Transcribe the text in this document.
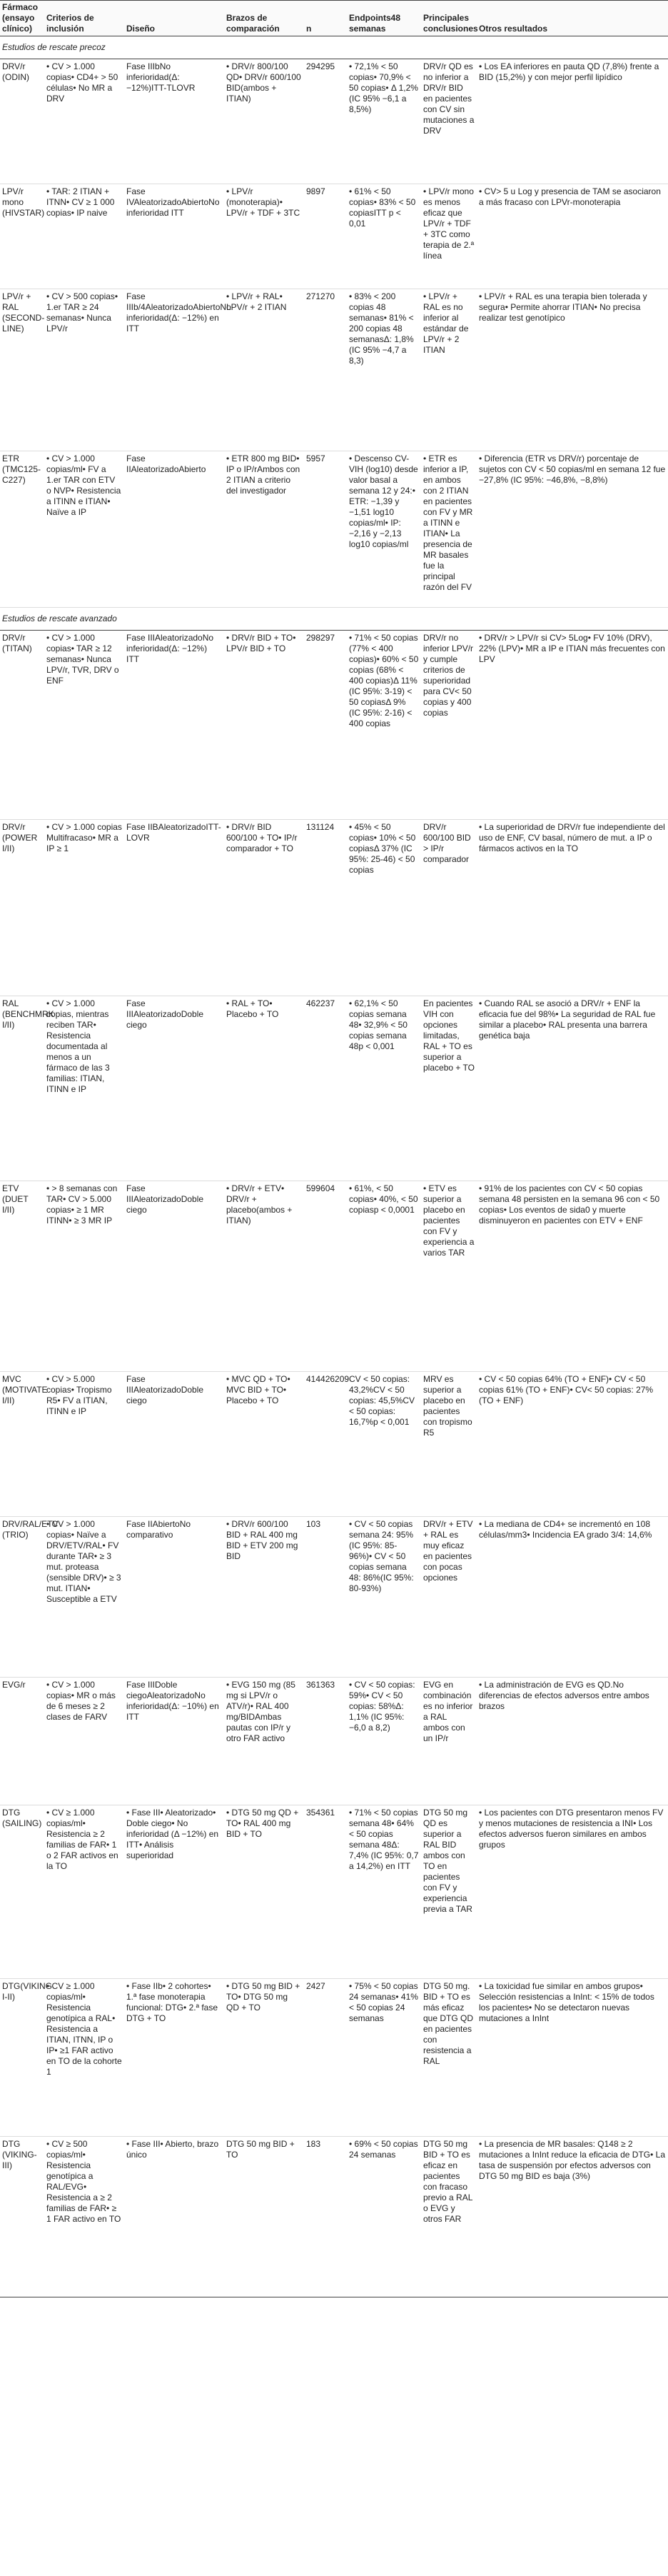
Fármaco (ensayo clínico)	Criterios de inclusión	Diseño	Brazos de comparación	n	Endpoints48 semanas	Principales conclusiones	Otros resultados
Estudios de rescate precoz							
DRV/r (ODIN)	• CV > 1.000 copias• CD4+ > 50 células• No MR a DRV	Fase IIIbNo inferioridad(Δ: −12%)ITT-TLOVR	• DRV/r 800/100 QD• DRV/r 600/100 BID(ambos + ITIAN)	294295	• 72,1% < 50 copias• 70,9% < 50 copias• Δ 1,2% (IC 95% −6,1 a 8,5%)	DRV/r QD es no inferior a DRV/r BID en pacientes con CV sin mutaciones a DRV	• Los EA inferiores en pauta QD (7,8%) frente a BID (15,2%) y con mejor perfil lipídico
LPV/r mono (HIVSTAR)	• TAR: 2 ITIAN + ITNN• CV ≥ 1 000 copias• IP naive	Fase IVAleatorizadoAbiertoNo inferioridad ITT	• LPV/r (monoterapia)• LPV/r + TDF + 3TC	9897	• 61% < 50 copias• 83% < 50 copiasITT p < 0,01	• LPV/r mono es menos eficaz que LPV/r + TDF + 3TC como terapia de 2.ª línea	• CV> 5 u Log y presencia de TAM se asociaron a más fracaso con LPVr-monoterapia
LPV/r + RAL (SECOND-LINE)	• CV > 500 copias• 1.er TAR ≥ 24 semanas• Nunca LPV/r	Fase IIIb/4AleatorizadoAbiertoNo inferioridad(Δ: −12%) en ITT	• LPV/r + RAL• LPV/r + 2 ITIAN	271270	• 83% < 200 copias 48 semanas• 81% < 200 copias 48 semanasΔ: 1,8% (IC 95% −4,7 a 8,3)	• LPV/r + RAL es no inferior al estándar de LPV/r + 2 ITIAN	• LPV/r + RAL es una terapia bien tolerada y segura• Permite ahorrar ITIAN• No precisa realizar test genotípico
ETR (TMC125-C227)	• CV > 1.000 copias/ml• FV a 1.er TAR con ETV o NVP• Resistencia a ITINN e ITIAN• Naïve a IP	Fase IIAleatorizadoAbierto	• ETR 800 mg BID• IP o IP/rAmbos con 2 ITIAN a criterio del investigador	5957	• Descenso CV-VIH (log10) desde valor basal a semana 12 y 24:• ETR: −1,39 y −1,51 log10 copias/ml• IP: −2,16 y −2,13 log10 copias/ml	• ETR es inferior a IP, en ambos con 2 ITIAN en pacientes con FV y MR a ITINN e ITIAN• La presencia de MR basales fue la principal razón del FV	• Diferencia (ETR vs DRV/r) porcentaje de sujetos con CV < 50 copias/ml en semana 12 fue −27,8% (IC 95%: −46,8%, −8,8%)
Estudios de rescate avanzado							
DRV/r (TITAN)	• CV > 1.000 copias• TAR ≥ 12 semanas• Nunca LPV/r, TVR, DRV o ENF	Fase IIIAleatorizadoNo inferioridad(Δ: −12%) ITT	• DRV/r BID + TO• LPV/r BID + TO	298297	• 71% < 50 copias (77% < 400 copias)• 60% < 50 copias (68% < 400 copias)Δ 11%(IC 95%: 3-19) < 50 copiasΔ 9% (IC 95%: 2-16) < 400 copias	DRV/r no inferior LPV/r y cumple criterios de superioridad para CV< 50 copias y 400 copias	• DRV/r > LPV/r si CV> 5Log• FV 10% (DRV), 22% (LPV)• MR a IP e ITIAN más frecuentes con LPV
DRV/r (POWER I/II)	• CV > 1.000 copias Multifracaso• MR a IP ≥ 1	Fase IIBAleatorizadoITT-LOVR	• DRV/r BID 600/100 + TO• IP/r comparador + TO	131124	• 45% < 50 copias• 10% < 50 copiasΔ 37% (IC 95%: 25-46) < 50 copias	DRV/r 600/100 BID > IP/r comparador	• La superioridad de DRV/r fue independiente del uso de ENF, CV basal, número de mut. a IP o fármacos activos en la TO
RAL (BENCHMRK I/II)	• CV > 1.000 copias, mientras reciben TAR• Resistencia documentada al menos a un fármaco de las 3 familias: ITIAN, ITINN e IP	Fase IIIAleatorizadoDoble ciego	• RAL + TO• Placebo + TO	462237	• 62,1% < 50 copias semana 48• 32,9% < 50 copias semana 48p < 0,001	En pacientes VIH con opciones limitadas, RAL + TO es superior a placebo + TO	• Cuando RAL se asoció a DRV/r + ENF la eficacia fue del 98%• La seguridad de RAL fue similar a placebo• RAL presenta una barrera genética baja
ETV (DUET I/II)	• > 8 semanas con TAR• CV > 5.000 copias• ≥ 1 MR ITINN• ≥ 3 MR IP	Fase IIIAleatorizadoDoble ciego	• DRV/r + ETV• DRV/r + placebo(ambos + ITIAN)	599604	• 61%, < 50 copias• 40%, < 50 copiasp < 0,0001	• ETV es superior a placebo en pacientes con FV y experiencia a varios TAR	• 91% de los pacientes con CV < 50 copias semana 48 persisten en la semana 96 con < 50 copias• Los eventos de sida0 y muerte disminuyeron en pacientes con ETV + ENF
MVC (MOTIVATE I/II)	• CV > 5.000 copias• Tropismo R5• FV a ITIAN, ITINN e IP	Fase IIIAleatorizadoDoble ciego	• MVC QD + TO• MVC BID + TO• Placebo + TO	414426209	CV < 50 copias: 43,2%CV < 50 copias: 45,5%CV < 50 copias: 16,7%p < 0,001	MRV es superior a placebo en pacientes con tropismo R5	• CV < 50 copias 64% (TO + ENF)• CV < 50 copias 61% (TO + ENF)• CV< 50 copias: 27% (TO + ENF)
DRV/RAL/ETV (TRIO)	• CV > 1.000 copias• Naïve a DRV/ETV/RAL• FV durante TAR• ≥ 3 mut. proteasa (sensible DRV)• ≥ 3 mut. ITIAN• Susceptible a ETV	Fase IIAbiertoNo comparativo	• DRV/r 600/100 BID + RAL 400 mg BID + ETV 200 mg BID	103	• CV < 50 copias semana 24: 95% (IC 95%: 85-96%)• CV < 50 copias semana 48: 86%(IC 95%: 80-93%)	DRV/r + ETV + RAL es muy eficaz en pacientes con pocas opciones	• La mediana de CD4+ se incrementó en 108 células/mm3• Incidencia EA grado 3/4: 14,6%
EVG/r	• CV > 1.000 copias• MR o más de 6 meses ≥ 2 clases de FARV	Fase IIIDoble ciegoAleatorizadoNo inferioridad(Δ: −10%) en ITT	• EVG 150 mg (85 mg si LPV/r o ATV/r)• RAL 400 mg/BIDAmbas pautas con IP/r y otro FAR activo	361363	• CV < 50 copias: 59%• CV < 50 copias: 58%Δ: 1,1% (IC 95%: −6,0 a 8,2)	EVG en combinación es no inferior a RAL ambos con un IP/r	• La administración de EVG es QD.No diferencias de efectos adversos entre ambos brazos
DTG (SAILING)	• CV ≥ 1.000 copias/ml• Resistencia ≥ 2 familias de FAR• 1 o 2 FAR activos en la TO	• Fase III• Aleatorizado• Doble ciego• No inferioridad (Δ −12%) en ITT• Análisis superioridad	• DTG 50 mg QD + TO• RAL 400 mg BID + TO	354361	• 71% < 50 copias semana 48• 64% < 50 copias semana 48Δ: 7,4% (IC 95%: 0,7 a 14,2%) en ITT	DTG 50 mg QD es superior a RAL BID ambos con TO en pacientes con FV y experiencia previa a TAR	• Los pacientes con DTG presentaron menos FV y menos mutaciones de resistencia a INI• Los efectos adversos fueron similares en ambos grupos
DTG(VIKING I-II)	• CV ≥ 1.000 copias/ml• Resistencia genotípica a RAL• Resistencia a ITIAN, ITNN, IP o IP• ≥1 FAR activo en TO de la cohorte 1	• Fase IIb• 2 cohortes• 1.ª fase monoterapia funcional: DTG• 2.ª fase DTG + TO	• DTG 50 mg BID + TO• DTG 50 mg QD + TO	2427	• 75% < 50 copias 24 semanas• 41% < 50 copias 24 semanas	DTG 50 mg. BID + TO es más eficaz que DTG QD en pacientes con resistencia a RAL	• La toxicidad fue similar en ambos grupos• Selección resistencias a InInt: < 15% de todos los pacientes• No se detectaron nuevas mutaciones a InInt
DTG (VIKING-III)	• CV ≥ 500 copias/ml• Resistencia genotípica a RAL/EVG• Resistencia a ≥ 2 familias de FAR• ≥ 1 FAR activo en TO	• Fase III• Abierto, brazo único	DTG 50 mg BID + TO	183	• 69% < 50 copias 24 semanas	DTG 50 mg BID + TO es eficaz en pacientes con fracaso previo a RAL o EVG y otros FAR	• La presencia de MR basales: Q148 ≥ 2 mutaciones a InInt reduce la eficacia de DTG• La tasa de suspensión por efectos adversos con DTG 50 mg BID es baja (3%)
